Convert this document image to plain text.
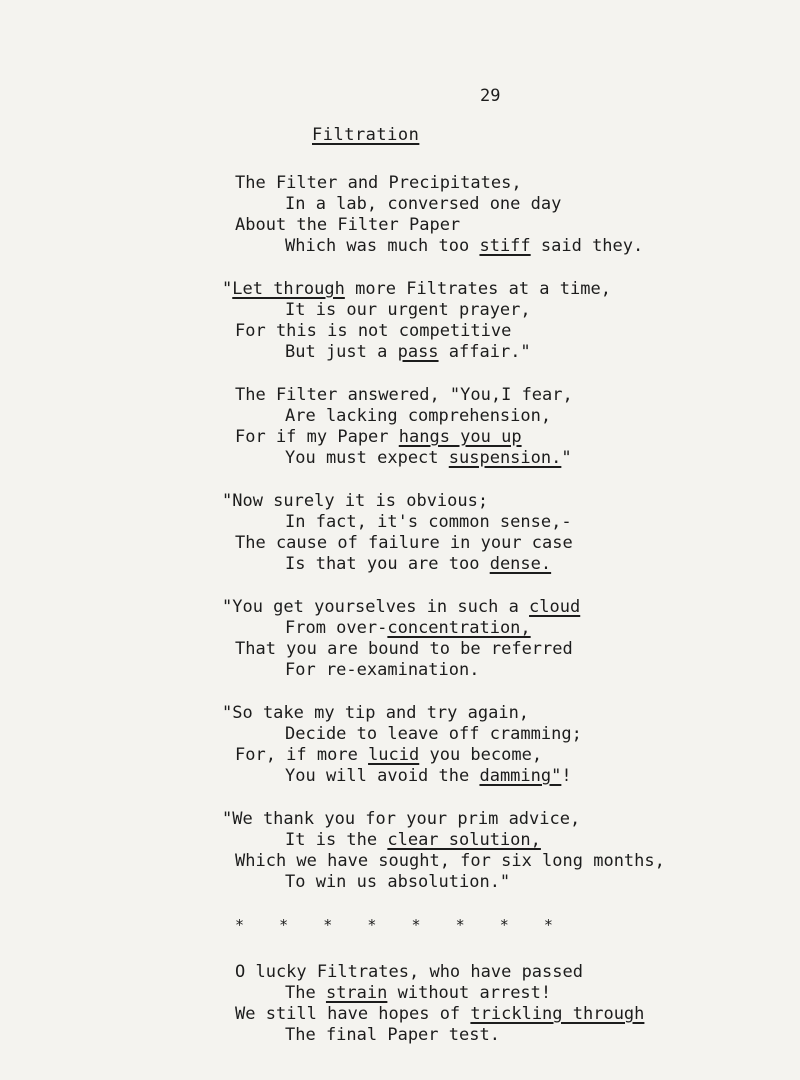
29
Filtration
The Filter and Precipitates,
In a lab, conversed one day
About the Filter Paper
Which was much too stiff said they.
"Let through more Filtrates at a time,
It is our urgent prayer,
For this is not competitive
But just a pass affair."
The Filter answered, "You,I fear,
Are lacking comprehension,
For if my Paper hangs you up
You must expect suspension."
"Now surely it is obvious;
In fact, it's common sense,-
The cause of failure in your case
Is that you are too dense.
"You get yourselves in such a cloud
From over-concentration,
That you are bound to be referred
For re-examination.
"So take my tip and try again,
Decide to leave off cramming;
For, if more lucid you become,
You will avoid the damming"!
"We thank you for your prim advice,
It is the clear solution,
Which we have sought, for six long months,
To win us absolution."
*   *   *   *   *   *   *   *
O lucky Filtrates, who have passed
The strain without arrest!
We still have hopes of trickling through
The final Paper test.
